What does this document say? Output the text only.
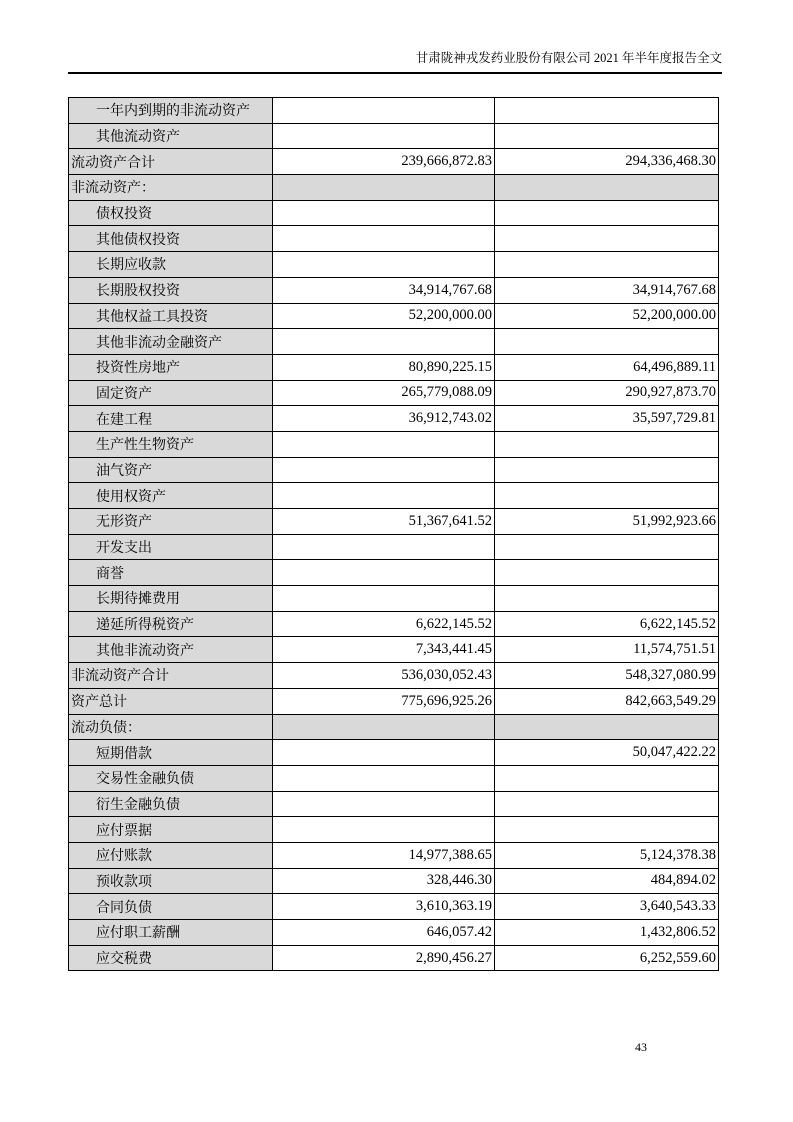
甘肃陇神戎发药业股份有限公司 2021 年半年度报告全文
一年内到期的非流动资产		
其他流动资产		
流动资产合计	239,666,872.83	294,336,468.30
非流动资产：		
债权投资		
其他债权投资		
长期应收款		
长期股权投资	34,914,767.68	34,914,767.68
其他权益工具投资	52,200,000.00	52,200,000.00
其他非流动金融资产		
投资性房地产	80,890,225.15	64,496,889.11
固定资产	265,779,088.09	290,927,873.70
在建工程	36,912,743.02	35,597,729.81
生产性生物资产		
油气资产		
使用权资产		
无形资产	51,367,641.52	51,992,923.66
开发支出		
商誉		
长期待摊费用		
递延所得税资产	6,622,145.52	6,622,145.52
其他非流动资产	7,343,441.45	11,574,751.51
非流动资产合计	536,030,052.43	548,327,080.99
资产总计	775,696,925.26	842,663,549.29
流动负债：		
短期借款		50,047,422.22
交易性金融负债		
衍生金融负债		
应付票据		
应付账款	14,977,388.65	5,124,378.38
预收款项	328,446.30	484,894.02
合同负债	3,610,363.19	3,640,543.33
应付职工薪酬	646,057.42	1,432,806.52
应交税费	2,890,456.27	6,252,559.60
43
